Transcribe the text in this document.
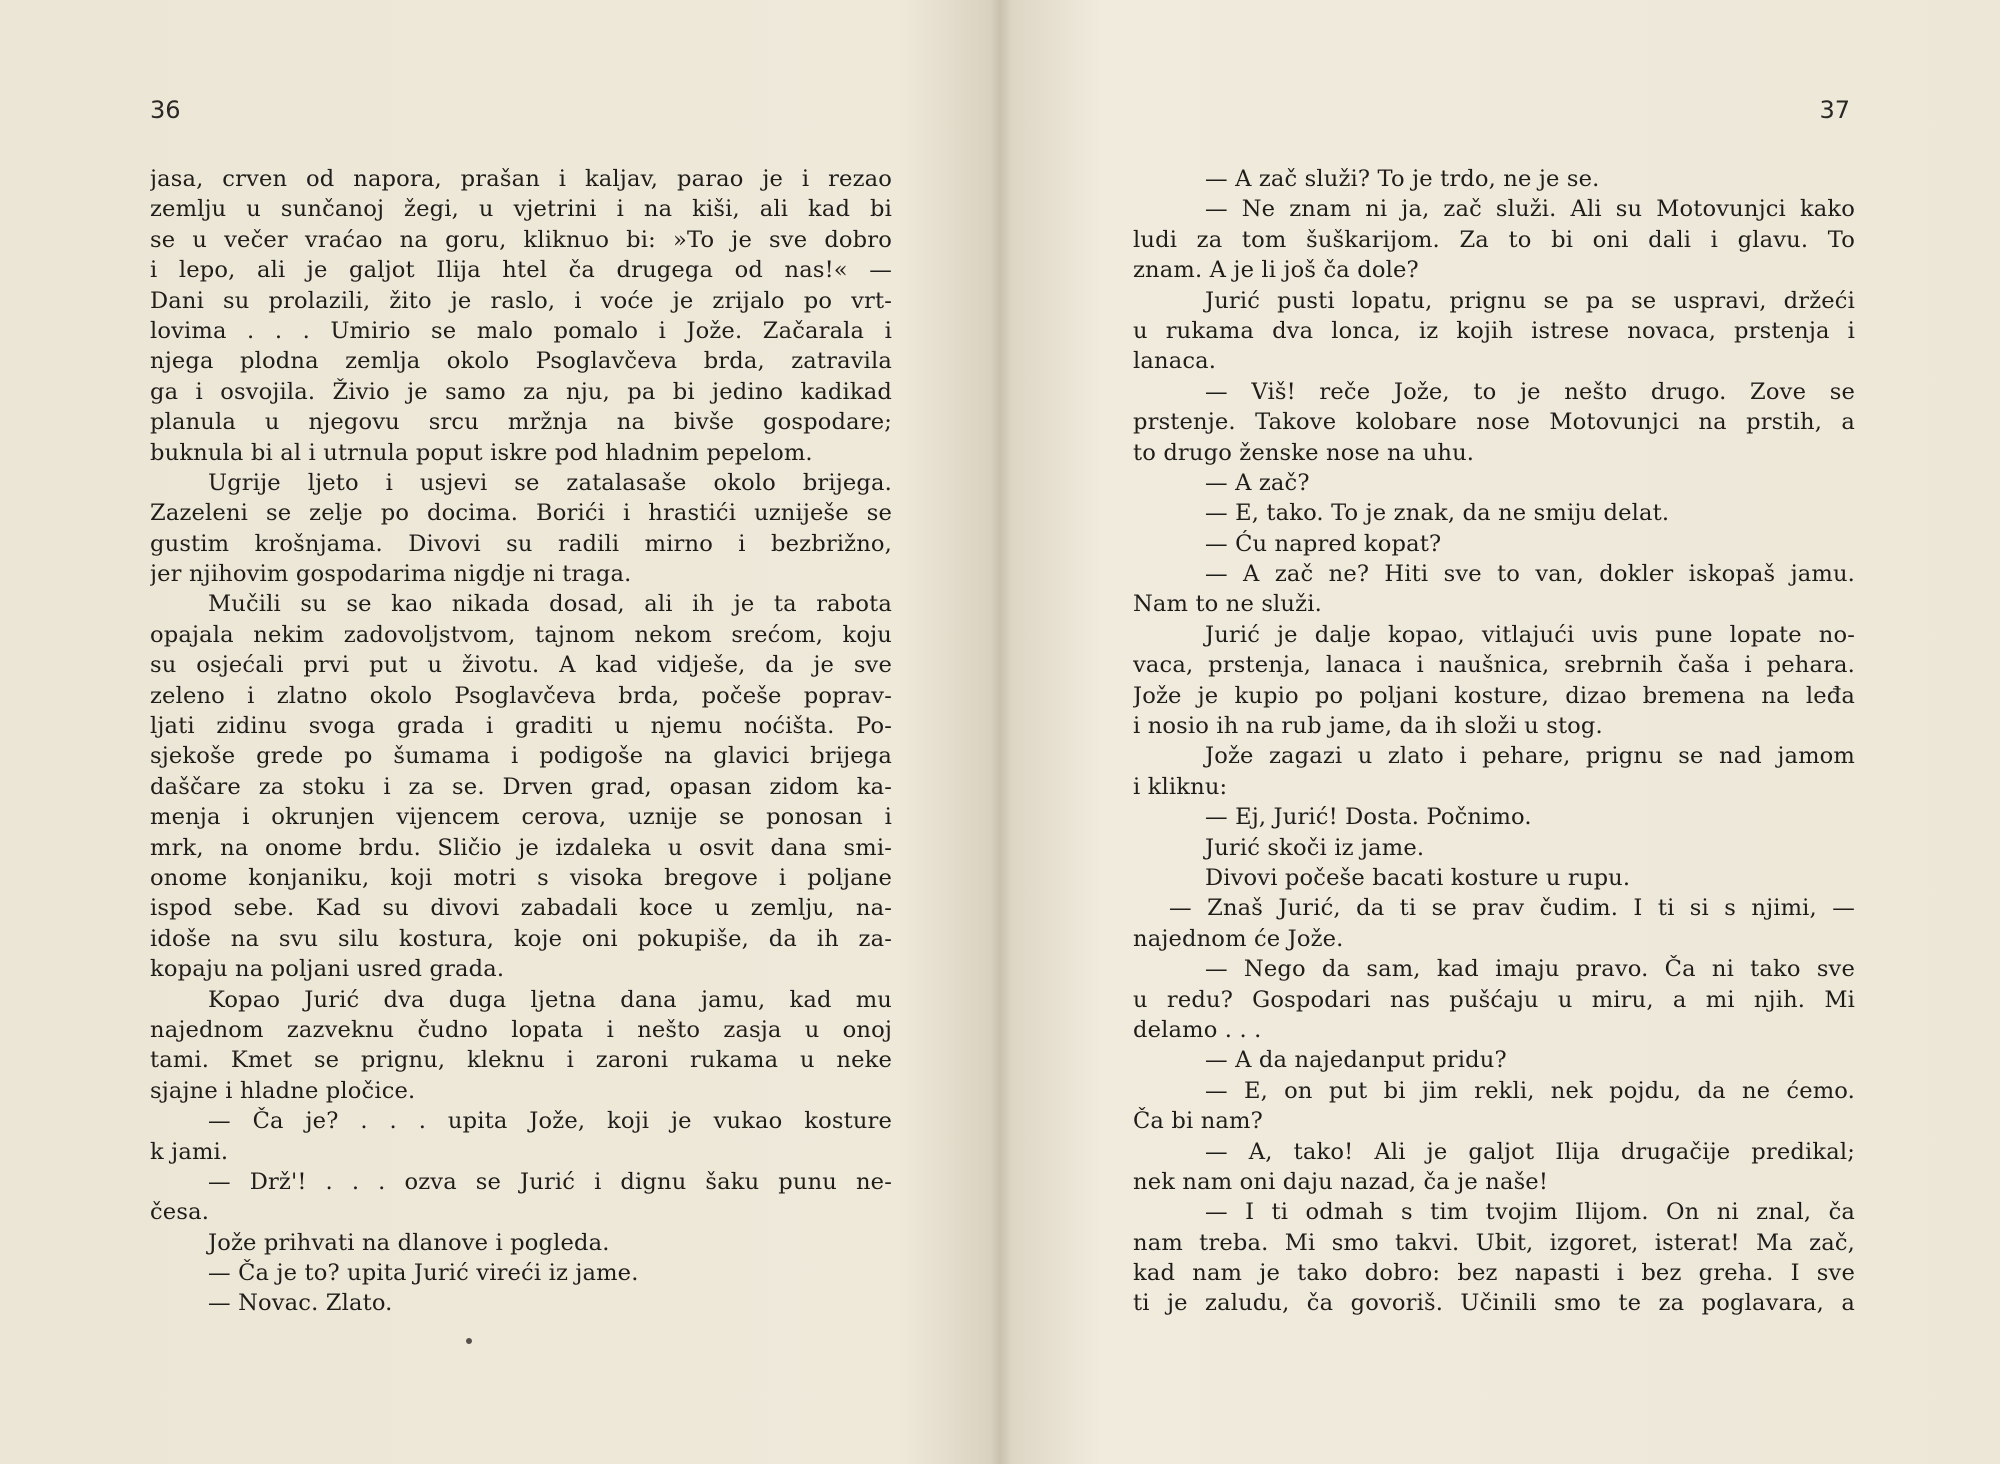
36
jasa, crven od napora, prašan i kaljav, parao je i rezao
zemlju u sunčanoj žegi, u vjetrini i na kiši, ali kad bi
se u večer vraćao na goru, kliknuo bi: »To je sve dobro
i lepo, ali je galjot Ilija htel ča drugega od nas!« —
Dani su prolazili, žito je raslo, i voće je zrijalo po vrt-
lovima . . . Umirio se malo pomalo i Jože. Začarala i
njega plodna zemlja okolo Psoglavčeva brda, zatravila
ga i osvojila. Živio je samo za nju, pa bi jedino kadikad
planula u njegovu srcu mržnja na bivše gospodare;
buknula bi al i utrnula poput iskre pod hladnim pepelom.
Ugrije ljeto i usjevi se zatalasaše okolo brijega.
Zazeleni se zelje po docima. Borići i hrastići uzniješe se
gustim krošnjama. Divovi su radili mirno i bezbrižno,
jer njihovim gospodarima nigdje ni traga.
Mučili su se kao nikada dosad, ali ih je ta rabota
opajala nekim zadovoljstvom, tajnom nekom srećom, koju
su osjećali prvi put u životu. A kad vidješe, da je sve
zeleno i zlatno okolo Psoglavčeva brda, počeše poprav-
ljati zidinu svoga grada i graditi u njemu noćišta. Po-
sjekoše grede po šumama i podigoše na glavici brijega
daščare za stoku i za se. Drven grad, opasan zidom ka-
menja i okrunjen vijencem cerova, uznije se ponosan i
mrk, na onome brdu. Sličio je izdaleka u osvit dana smi-
onome konjaniku, koji motri s visoka bregove i poljane
ispod sebe. Kad su divovi zabadali koce u zemlju, na-
idoše na svu silu kostura, koje oni pokupiše, da ih za-
kopaju na poljani usred grada.
Kopao Jurić dva duga ljetna dana jamu, kad mu
najednom zazveknu čudno lopata i nešto zasja u onoj
tami. Kmet se prignu, kleknu i zaroni rukama u neke
sjajne i hladne pločice.
— Ča je? . . . upita Jože, koji je vukao kosture
k jami.
— Drž'! . . . ozva se Jurić i dignu šaku punu ne-
česa.
Jože prihvati na dlanove i pogleda.
— Ča je to? upita Jurić vireći iz jame.
— Novac. Zlato.
37
— A zač služi? To je trdo, ne je se.
— Ne znam ni ja, zač služi. Ali su Motovunjci kako
ludi za tom šuškarijom. Za to bi oni dali i glavu. To
znam. A je li još ča dole?
Jurić pusti lopatu, prignu se pa se uspravi, držeći
u rukama dva lonca, iz kojih istrese novaca, prstenja i
lanaca.
— Viš! reče Jože, to je nešto drugo. Zove se
prstenje. Takove kolobare nose Motovunjci na prstih, a
to drugo ženske nose na uhu.
— A zač?
— E, tako. To je znak, da ne smiju delat.
— Ću napred kopat?
— A zač ne? Hiti sve to van, dokler iskopaš jamu.
Nam to ne služi.
Jurić je dalje kopao, vitlajući uvis pune lopate no-
vaca, prstenja, lanaca i naušnica, srebrnih čaša i pehara.
Jože je kupio po poljani kosture, dizao bremena na leđa
i nosio ih na rub jame, da ih složi u stog.
Jože zagazi u zlato i pehare, prignu se nad jamom
i kliknu:
— Ej, Jurić! Dosta. Počnimo.
Jurić skoči iz jame.
Divovi počeše bacati kosture u rupu.
— Znaš Jurić, da ti se prav čudim. I ti si s njimi, —
najednom će Jože.
— Nego da sam, kad imaju pravo. Ča ni tako sve
u redu? Gospodari nas pušćaju u miru, a mi njih. Mi
delamo . . .
— A da najedanput pridu?
— E, on put bi jim rekli, nek pojdu, da ne ćemo.
Ča bi nam?
— A, tako! Ali je galjot Ilija drugačije predikal;
nek nam oni daju nazad, ča je naše!
— I ti odmah s tim tvojim Ilijom. On ni znal, ča
nam treba. Mi smo takvi. Ubit, izgoret, isterat! Ma zač,
kad nam je tako dobro: bez napasti i bez greha. I sve
ti je zaludu, ča govoriš. Učinili smo te za poglavara, a
